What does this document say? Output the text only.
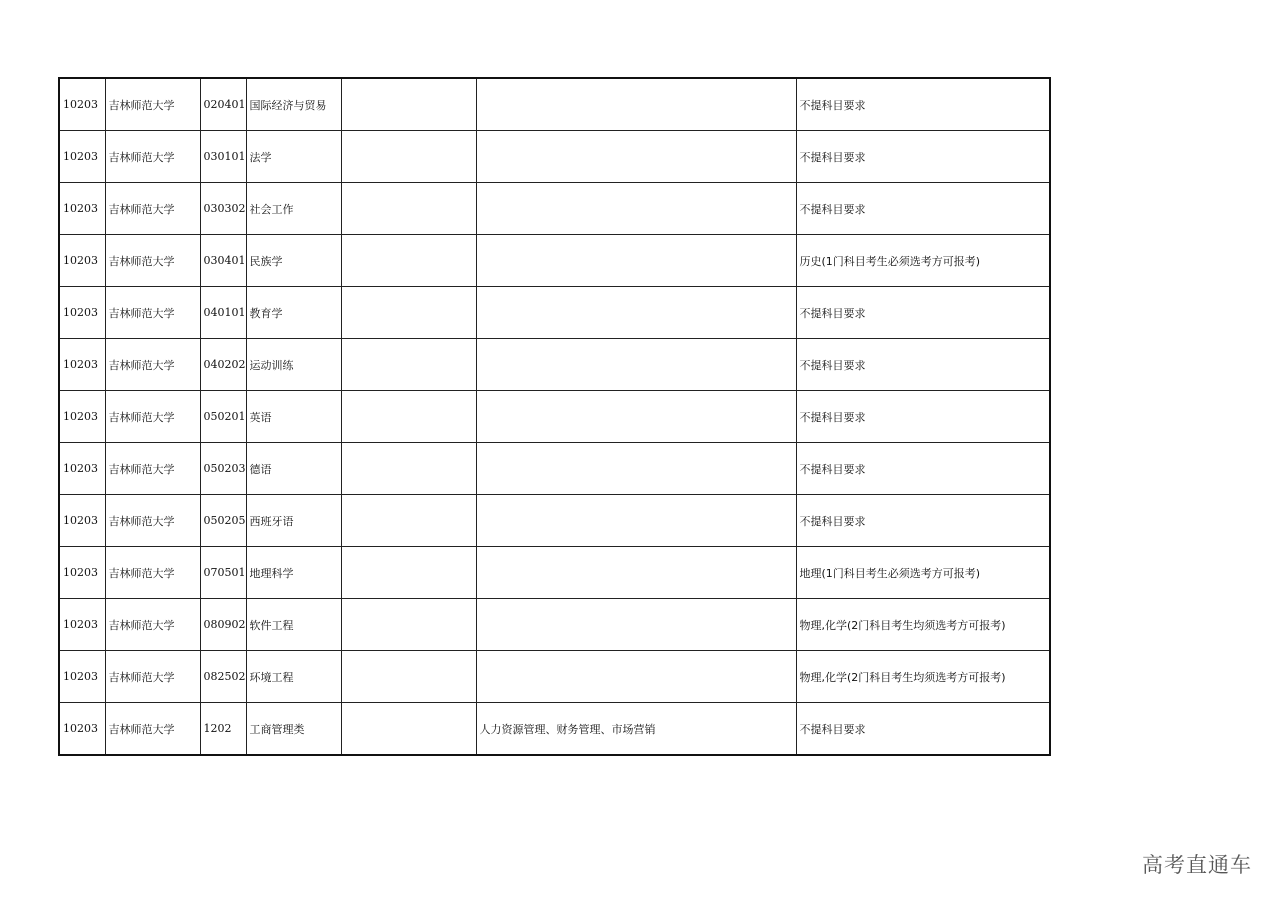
10203	吉林师范大学	020401	国际经济与贸易			不提科目要求
10203	吉林师范大学	030101	法学			不提科目要求
10203	吉林师范大学	030302	社会工作			不提科目要求
10203	吉林师范大学	030401	民族学			历史(1门科目考生必须选考方可报考)
10203	吉林师范大学	040101	教育学			不提科目要求
10203	吉林师范大学	040202	运动训练			不提科目要求
10203	吉林师范大学	050201	英语			不提科目要求
10203	吉林师范大学	050203	德语			不提科目要求
10203	吉林师范大学	050205	西班牙语			不提科目要求
10203	吉林师范大学	070501	地理科学			地理(1门科目考生必须选考方可报考)
10203	吉林师范大学	080902	软件工程			物理,化学(2门科目考生均须选考方可报考)
10203	吉林师范大学	082502	环境工程			物理,化学(2门科目考生均须选考方可报考)
10203	吉林师范大学	1202	工商管理类		人力资源管理、财务管理、市场营销	不提科目要求
高考直通车
